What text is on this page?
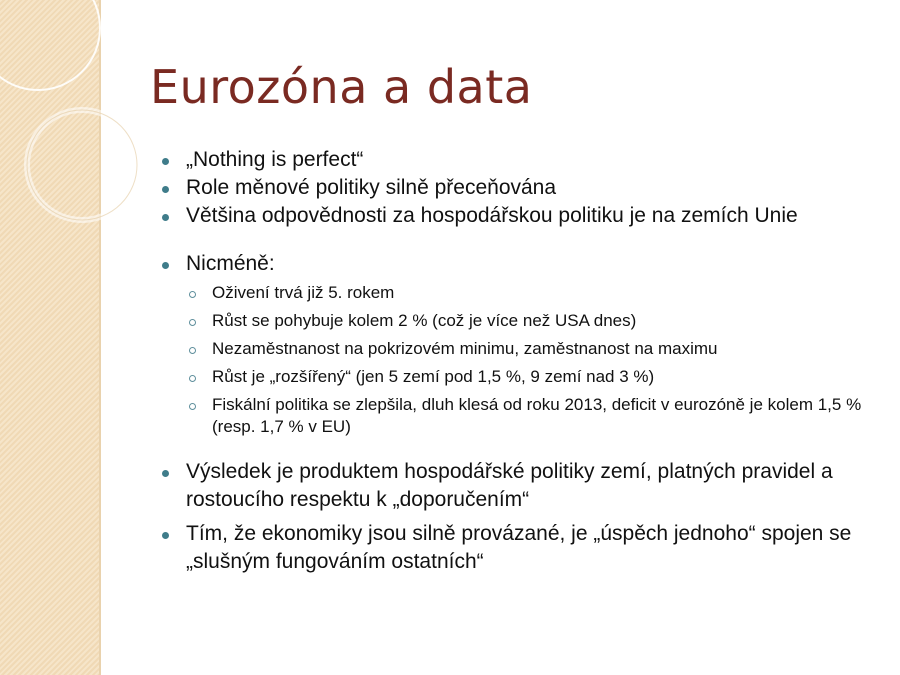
Eurozóna a data
„Nothing is perfect“
Role měnové politiky silně přeceňována
Většina odpovědnosti za hospodářskou politiku je na zemích Unie
Nicméně:
Oživení trvá již 5. rokem
Růst se pohybuje kolem 2 % (což je více než USA dnes)
Nezaměstnanost na pokrizovém minimu, zaměstnanost na maximu
Růst je „rozšířený“ (jen 5 zemí pod 1,5 %, 9 zemí nad 3 %)
Fiskální politika se zlepšila, dluh klesá od roku 2013, deficit v eurozóně je kolem 1,5 % (resp. 1,7 % v EU)
Výsledek je produktem hospodářské politiky zemí, platných pravidel a rostoucího respektu k „doporučením“
Tím, že ekonomiky jsou silně provázané, je „úspěch jednoho“ spojen se „slušným fungováním ostatních“
